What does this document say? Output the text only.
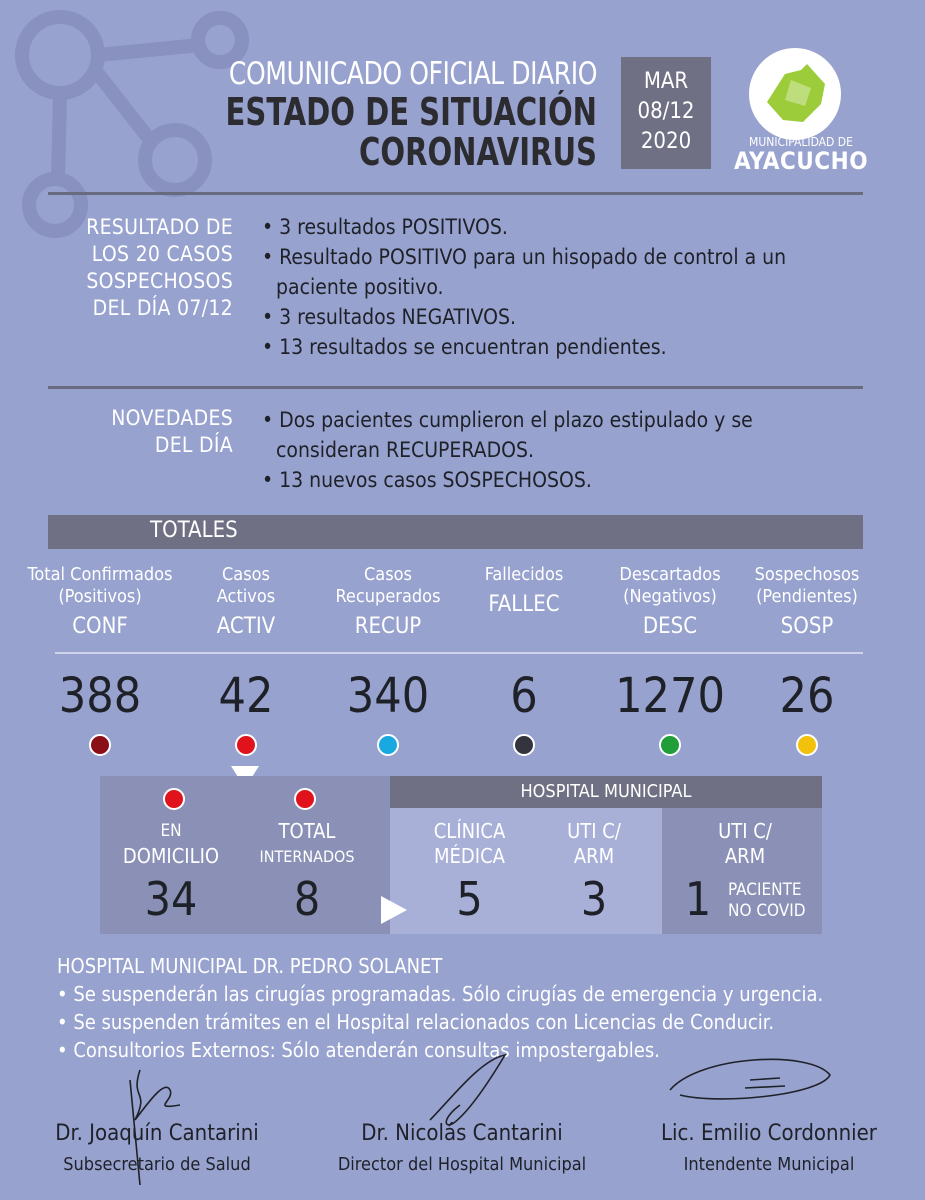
COMUNICADO OFICIAL DIARIO
ESTADO DE SITUACIÓN
CORONAVIRUS
MAR
08/12
2020	MUNICIPALIDAD DE
AYACUCHO
RESULTADO DE
LOS 20 CASOS
SOSPECHOSOS
DEL DÍA 07/12
• 3 resultados POSITIVOS.
• Resultado POSITIVO para un hisopado de control a un paciente positivo.
• 3 resultados NEGATIVOS.
• 13 resultados se encuentran pendientes.
NOVEDADES
DEL DÍA
• Dos pacientes cumplieron el plazo estipulado y se consideran RECUPERADOS.
• 13 nuevos casos SOSPECHOSOS.
TOTALES
Total Confirmados
(Positivos)
CONF
388
Casos
Activos
ACTIV
42
Casos
Recuperados
RECUP
340
Fallecidos
FALLEC
6
Descartados
(Negativos)
DESC
1270
Sospechosos
(Pendientes)
SOSP
26
HOSPITAL MUNICIPAL
EN
DOMICILIO
34
TOTAL
INTERNADOS
8
CLÍNICA
MÉDICA
5
UTI C/
ARM
3
UTI C/
ARM
1 PACIENTE
NO COVID
HOSPITAL MUNICIPAL DR. PEDRO SOLANET
• Se suspenderán las cirugías programadas. Sólo cirugías de emergencia y urgencia.
• Se suspenden trámites en el Hospital relacionados con Licencias de Conducir.
• Consultorios Externos: Sólo atenderán consultas impostergables.
Dr. Joaquín Cantarini
Subsecretario de Salud
Dr. Nicolás Cantarini
Director del Hospital Municipal
Lic. Emilio Cordonnier
Intendente Municipal
